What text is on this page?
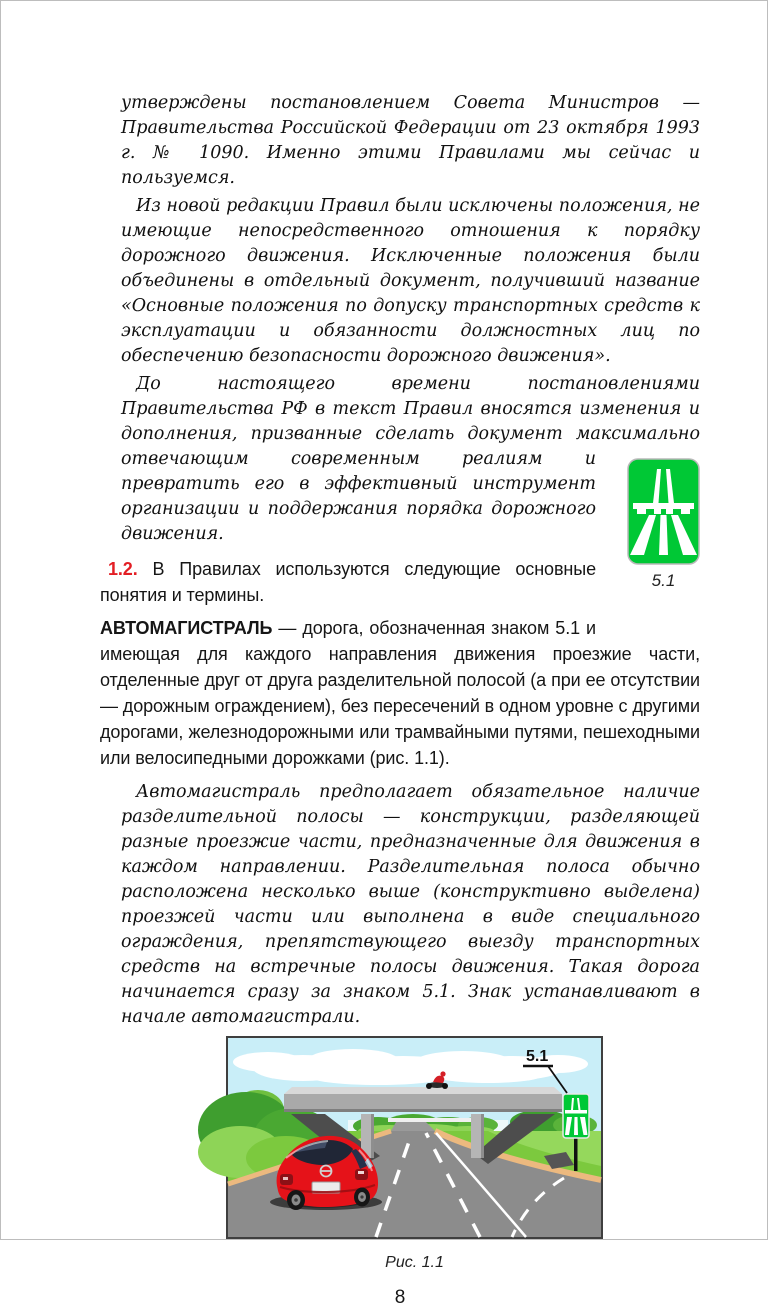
утверждены постановлением Совета Министров — Правительства Российской Федерации от 23 октября 1993 г. № 1090. Именно этими Правилами мы сейчас и пользуемся.

Из новой редакции Правил были исключены положения, не имеющие непосредственного отношения к порядку дорожного движения. Исключенные положения были объединены в отдельный документ, получивший название «Основные положения по допуску транспортных средств к эксплуатации и обязанности должностных лиц по обеспечению безопасности дорожного движения».

5.1

До настоящего времени постановлениями Правительства РФ в текст Правил вносятся изменения и дополнения, призванные сделать документ максимально отвечающим современным реалиям и превратить его в эффективный инструмент организации и поддержания порядка дорожного движения.

1.2. В Правилах используются следующие основные понятия и термины.

АВТОМАГИСТРАЛЬ — дорога, обозначенная знаком 5.1 и имеющая для каждого направления движения проезжие части, отделенные друг от друга разделительной полосой (а при ее отсутствии — дорожным ограждением), без пересечений в одном уровне с другими дорогами, железнодорожными или трамвайными путями, пешеходными или велосипедными дорожками (рис. 1.1).

Автомагистраль предполагает обязательное наличие разделительной полосы — конструкции, разделяющей разные проезжие части, предназначенные для движения в каждом направлении. Разделительная полоса обычно расположена несколько выше (конструктивно выделена) проезжей части или выполнена в виде специального ограждения, препятствующего выезду транспортных средств на встречные полосы движения. Такая дорога начинается сразу за знаком 5.1. Знак устанавливают в начале автомагистрали.

5.1
Рис. 1.1
8
